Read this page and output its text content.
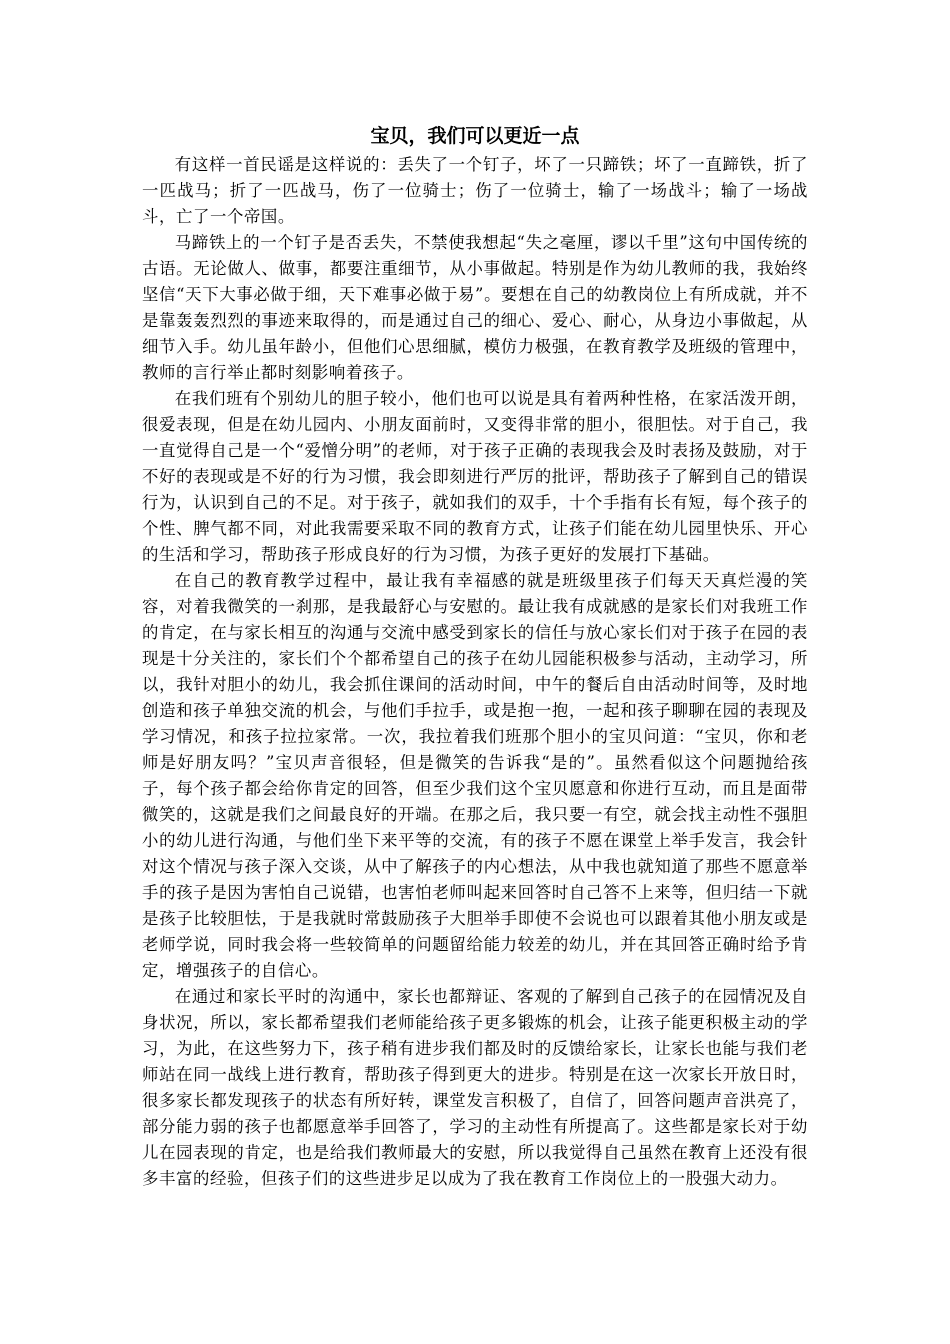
宝贝，我们可以更近一点

有这样一首民谣是这样说的：丢失了一个钉子，坏了一只蹄铁；坏了一直蹄铁，折了一匹战马；折了一匹战马，伤了一位骑士；伤了一位骑士，输了一场战斗；输了一场战斗，亡了一个帝国。

马蹄铁上的一个钉子是否丢失，不禁使我想起“失之毫厘，谬以千里”这句中国传统的古语。无论做人、做事，都要注重细节，从小事做起。特别是作为幼儿教师的我，我始终坚信“天下大事必做于细，天下难事必做于易”。要想在自己的幼教岗位上有所成就，并不是靠轰轰烈烈的事迹来取得的，而是通过自己的细心、爱心、耐心，从身边小事做起，从细节入手。幼儿虽年龄小，但他们心思细腻，模仿力极强，在教育教学及班级的管理中，教师的言行举止都时刻影响着孩子。

在我们班有个别幼儿的胆子较小，他们也可以说是具有着两种性格，在家活泼开朗，很爱表现，但是在幼儿园内、小朋友面前时，又变得非常的胆小，很胆怯。对于自己，我一直觉得自己是一个“爱憎分明”的老师，对于孩子正确的表现我会及时表扬及鼓励，对于不好的表现或是不好的行为习惯，我会即刻进行严厉的批评，帮助孩子了解到自己的错误行为，认识到自己的不足。对于孩子，就如我们的双手，十个手指有长有短，每个孩子的个性、脾气都不同，对此我需要采取不同的教育方式，让孩子们能在幼儿园里快乐、开心的生活和学习，帮助孩子形成良好的行为习惯，为孩子更好的发展打下基础。

在自己的教育教学过程中，最让我有幸福感的就是班级里孩子们每天天真烂漫的笑容，对着我微笑的一刹那，是我最舒心与安慰的。最让我有成就感的是家长们对我班工作的肯定，在与家长相互的沟通与交流中感受到家长的信任与放心家长们对于孩子在园的表现是十分关注的，家长们个个都希望自己的孩子在幼儿园能积极参与活动，主动学习，所以，我针对胆小的幼儿，我会抓住课间的活动时间，中午的餐后自由活动时间等，及时地创造和孩子单独交流的机会，与他们手拉手，或是抱一抱，一起和孩子聊聊在园的表现及学习情况，和孩子拉拉家常。一次，我拉着我们班那个胆小的宝贝问道：“宝贝，你和老师是好朋友吗？”宝贝声音很轻，但是微笑的告诉我“是的”。虽然看似这个问题抛给孩子，每个孩子都会给你肯定的回答，但至少我们这个宝贝愿意和你进行互动，而且是面带微笑的，这就是我们之间最良好的开端。在那之后，我只要一有空，就会找主动性不强胆小的幼儿进行沟通，与他们坐下来平等的交流，有的孩子不愿在课堂上举手发言，我会针对这个情况与孩子深入交谈，从中了解孩子的内心想法，从中我也就知道了那些不愿意举手的孩子是因为害怕自己说错，也害怕老师叫起来回答时自己答不上来等，但归结一下就是孩子比较胆怯，于是我就时常鼓励孩子大胆举手即使不会说也可以跟着其他小朋友或是老师学说，同时我会将一些较简单的问题留给能力较差的幼儿，并在其回答正确时给予肯定，增强孩子的自信心。

在通过和家长平时的沟通中，家长也都辩证、客观的了解到自己孩子的在园情况及自身状况，所以，家长都希望我们老师能给孩子更多锻炼的机会，让孩子能更积极主动的学习，为此，在这些努力下，孩子稍有进步我们都及时的反馈给家长，让家长也能与我们老师站在同一战线上进行教育，帮助孩子得到更大的进步。特别是在这一次家长开放日时，很多家长都发现孩子的状态有所好转，课堂发言积极了，自信了，回答问题声音洪亮了，部分能力弱的孩子也都愿意举手回答了，学习的主动性有所提高了。这些都是家长对于幼儿在园表现的肯定，也是给我们教师最大的安慰，所以我觉得自己虽然在教育上还没有很多丰富的经验，但孩子们的这些进步足以成为了我在教育工作岗位上的一股强大动力。
